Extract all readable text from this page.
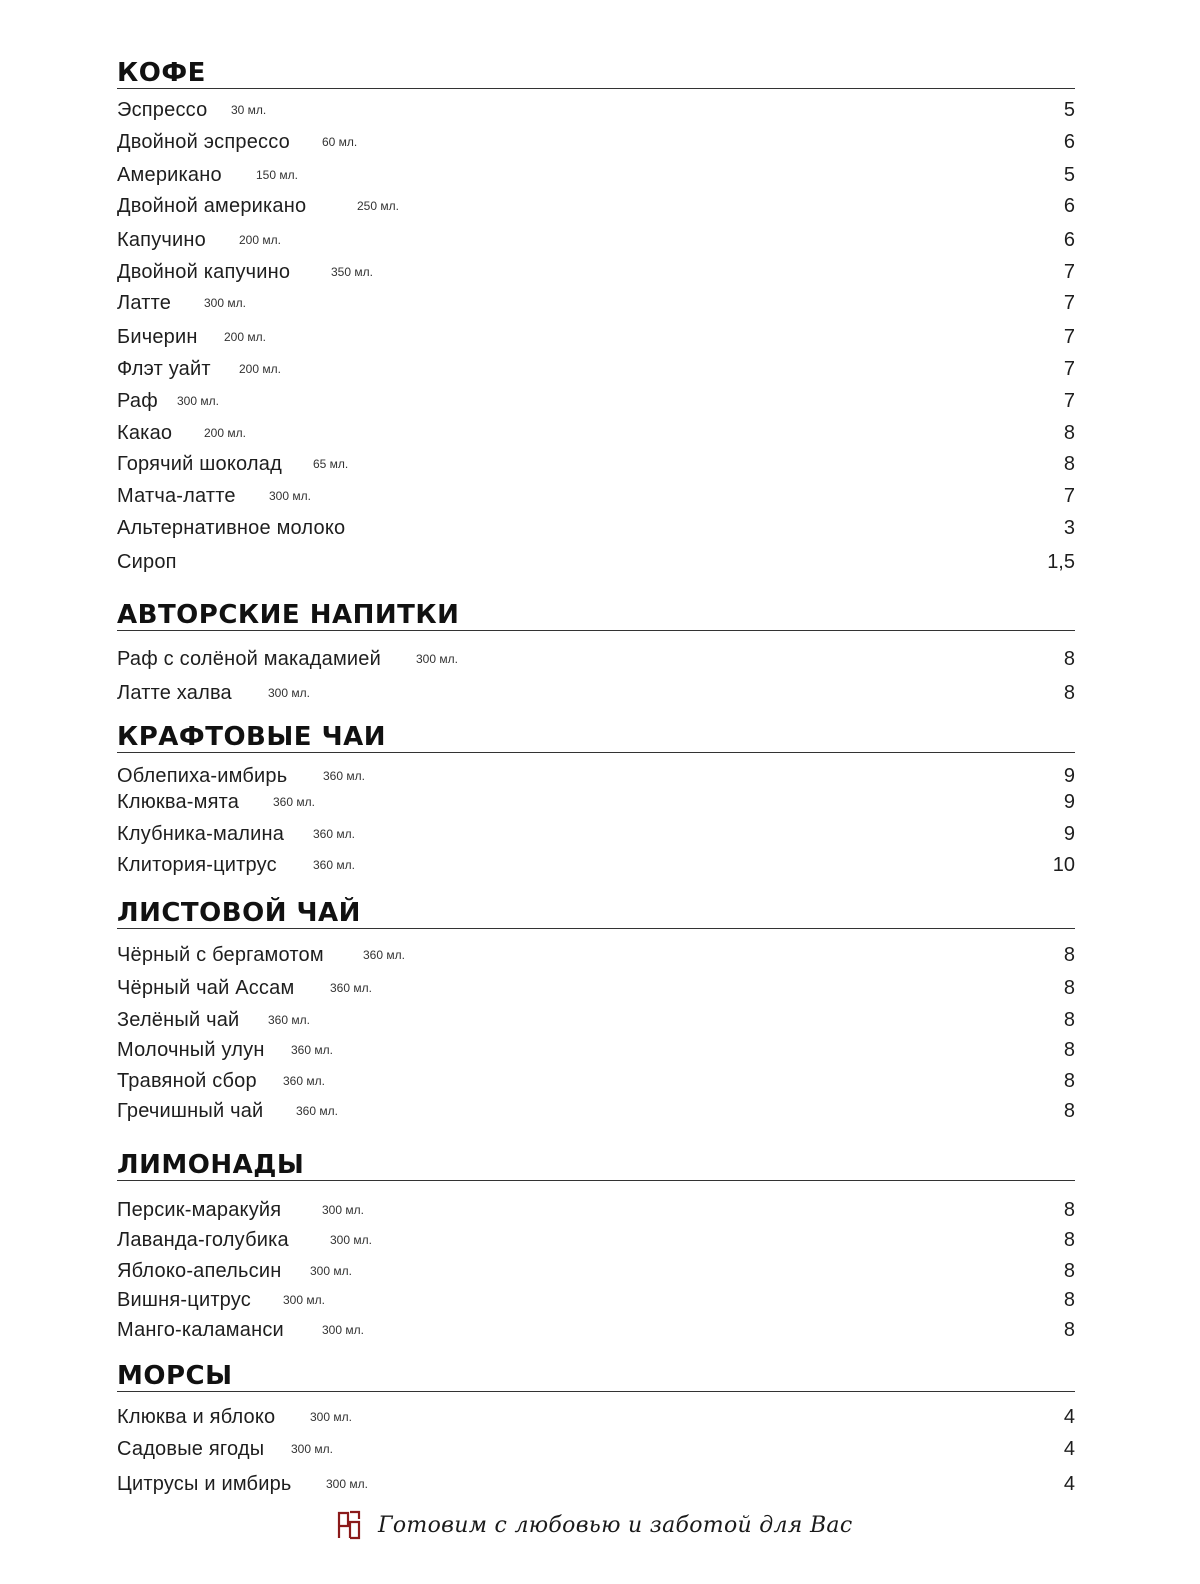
КОФЕ
Эспрессо 30 мл.	5
Двойной эспрессо	60 мл.	6
Американо	150 мл.	5
Двойной американо	250 мл.	6
Капучино	200 мл.	6
Двойной капучино	350 мл.	7
Латте	300 мл.	7
Бичерин 200 мл.	7
Флэт уайт 200 мл.	7
Раф 300 мл.	7
Какао	200 мл.	8
Горячий шоколад	65 мл.	8
Матча-латте	300 мл.	7
Альтернативное молоко	3
Сироп	1,5
АВТОРСКИЕ НАПИТКИ
Раф с солёной макадамией	300 мл.	8
Латте халва	300 мл.	8
КРАФТОВЫЕ ЧАИ
Облепиха-имбирь	360 мл.	9
Клюква-мята	360 мл.	9
Клубника-малина 360 мл.	9
Клитория-цитрус	360 мл.	10
ЛИСТОВОЙ ЧАЙ
Чёрный с бергамотом	360 мл.	8
Чёрный чай Ассам	360 мл.	8
Зелёный чай 360 мл.	8
Молочный улун 360 мл.	8
Травяной сбор 360 мл.	8
Гречишный чай	360 мл.	8
ЛИМОНАДЫ
Персик-маракуйя	300 мл.	8
Лаванда-голубика	300 мл.	8
Яблоко-апельсин 300 мл.	8
Вишня-цитрус	300 мл.	8
Манго-каламанси	300 мл.	8
МОРСЫ
Клюква и яблоко	300 мл.	4
Садовые ягоды 300 мл.	4
Цитрусы и имбирь	300 мл.	4
Готовим с любовью и заботой для Вас
